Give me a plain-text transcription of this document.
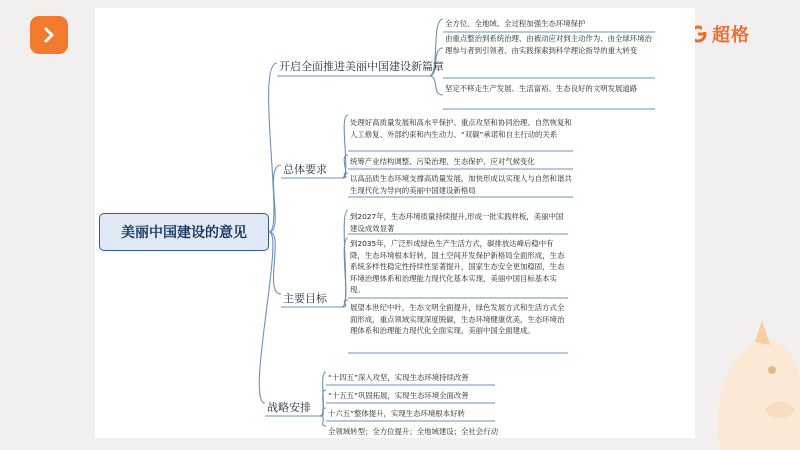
超格
美丽中国建设的意见
开启全面推进美丽中国建设新篇章
总体要求
主要目标
战略安排
全方位、全地域、全过程加强生态环境保护
由重点整治到系统治理、由被动应对到主动作为、由全球环境治理参与者到引领者、由实践探索到科学理论指导的重大转变
坚定不移走生产发展、生活富裕、生态良好的文明发展道路
处理好高质量发展和高水平保护、重点攻坚和协同治理、自然恢复和人工修复、外部约束和内生动力、“双碳”承诺和自主行动的关系
统筹产业结构调整、污染治理、生态保护、应对气候变化
以高品质生态环境支撑高质量发展，加快形成以实现人与自然和谐共生现代化为导向的美丽中国建设新格局
到2027年，生态环境质量持续提升,形成一批实践样板，美丽中国建设成效显著
到2035年，广泛形成绿色生产生活方式，碳排放达峰后稳中有降，生态环境根本好转，国土空间开发保护新格局全面形成，生态系统多样性稳定性持续性显著提升，国家生态安全更加稳固，生态环境治理体系和治理能力现代化基本实现，美丽中国目标基本实现。
展望本世纪中叶，生态文明全面提升，绿色发展方式和生活方式全面形成，重点领域实现深度脱碳，生态环境健康优美，生态环境治理体系和治理能力现代化全面实现，美丽中国全面建成。
“十四五”深入攻坚，实现生态环境持续改善
“十五五”巩固拓展，实现生态环境全面改善
十六五”整体提升，实现生态环境根本好转
全领域转型；全方位提升；全地域建设；全社会行动
